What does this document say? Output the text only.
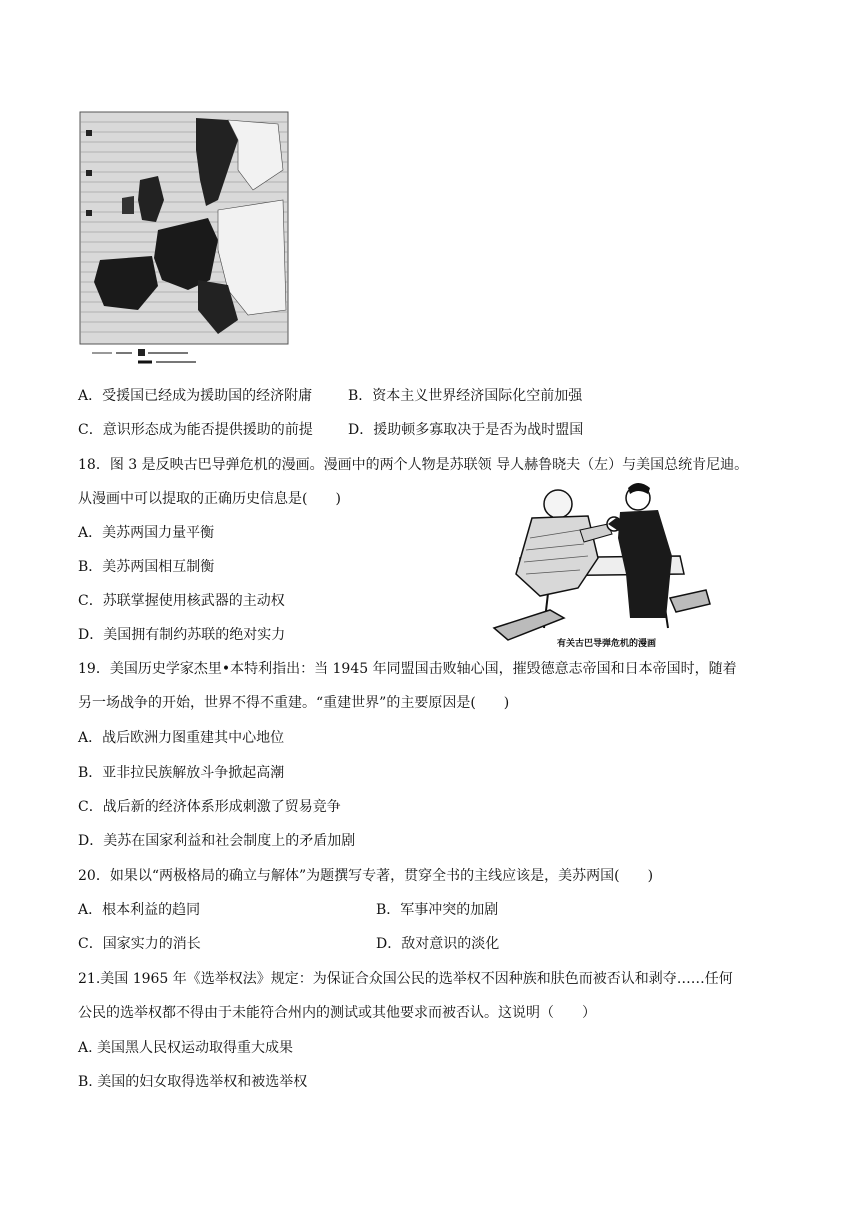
A．受援国已经成为援助国的经济附庸	B．资本主义世界经济国际化空前加强
C．意识形态成为能否提供援助的前提	D．援助顿多寡取决于是否为战时盟国
18．图 3 是反映古巴导弹危机的漫画。漫画中的两个人物是苏联领 导人赫鲁晓夫（左）与美国总统肯尼迪。
从漫画中可以提取的正确历史信息是(　　)
A．美苏两国力量平衡
B．美苏两国相互制衡
C．苏联掌握使用核武器的主动权
D．美国拥有制约苏联的绝对实力
有关古巴导弹危机的漫画
19．美国历史学家杰里•本特利指出：当 1945 年同盟国击败轴心国，摧毁德意志帝国和日本帝国时，随着
另一场战争的开始，世界不得不重建。“重建世界”的主要原因是(　　)
A．战后欧洲力图重建其中心地位
B．亚非拉民族解放斗争掀起高潮
C．战后新的经济体系形成刺激了贸易竞争
D．美苏在国家利益和社会制度上的矛盾加剧
20．如果以“两极格局的确立与解体”为题撰写专著，贯穿全书的主线应该是，美苏两国(　　)
A．根本利益的趋同	B．军事冲突的加剧
C．国家实力的消长	D．敌对意识的淡化
21.美国 1965 年《选举权法》规定：为保证合众国公民的选举权不因种族和肤色而被否认和剥夺……任何
公民的选举权都不得由于未能符合州内的测试或其他要求而被否认。这说明（　　）
A. 美国黑人民权运动取得重大成果
B. 美国的妇女取得选举权和被选举权
